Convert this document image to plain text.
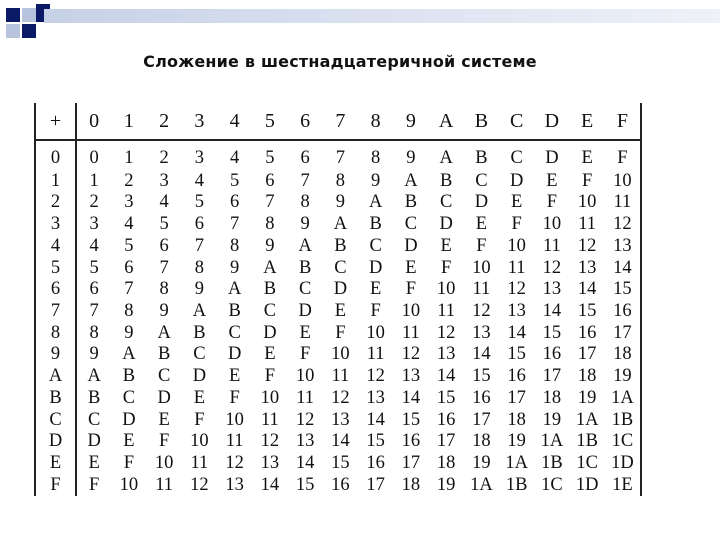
Сложение в шестнадцатеричной системе
+	0	1	2	3	4	5	6	7	8	9	A	B	C	D	E	F
0	0	1	2	3	4	5	6	7	8	9	A	B	C	D	E	F
1	1	2	3	4	5	6	7	8	9	A	B	C	D	E	F	10
2	2	3	4	5	6	7	8	9	A	B	C	D	E	F	10	11
3	3	4	5	6	7	8	9	A	B	C	D	E	F	10	11	12
4	4	5	6	7	8	9	A	B	C	D	E	F	10	11	12	13
5	5	6	7	8	9	A	B	C	D	E	F	10	11	12	13	14
6	6	7	8	9	A	B	C	D	E	F	10	11	12	13	14	15
7	7	8	9	A	B	C	D	E	F	10	11	12	13	14	15	16
8	8	9	A	B	C	D	E	F	10	11	12	13	14	15	16	17
9	9	A	B	C	D	E	F	10	11	12	13	14	15	16	17	18
A	A	B	C	D	E	F	10	11	12	13	14	15	16	17	18	19
B	B	C	D	E	F	10	11	12	13	14	15	16	17	18	19	1A
C	C	D	E	F	10	11	12	13	14	15	16	17	18	19	1A	1B
D	D	E	F	10	11	12	13	14	15	16	17	18	19	1A	1B	1C
E	E	F	10	11	12	13	14	15	16	17	18	19	1A	1B	1C	1D
F	F	10	11	12	13	14	15	16	17	18	19	1A	1B	1C	1D	1E
